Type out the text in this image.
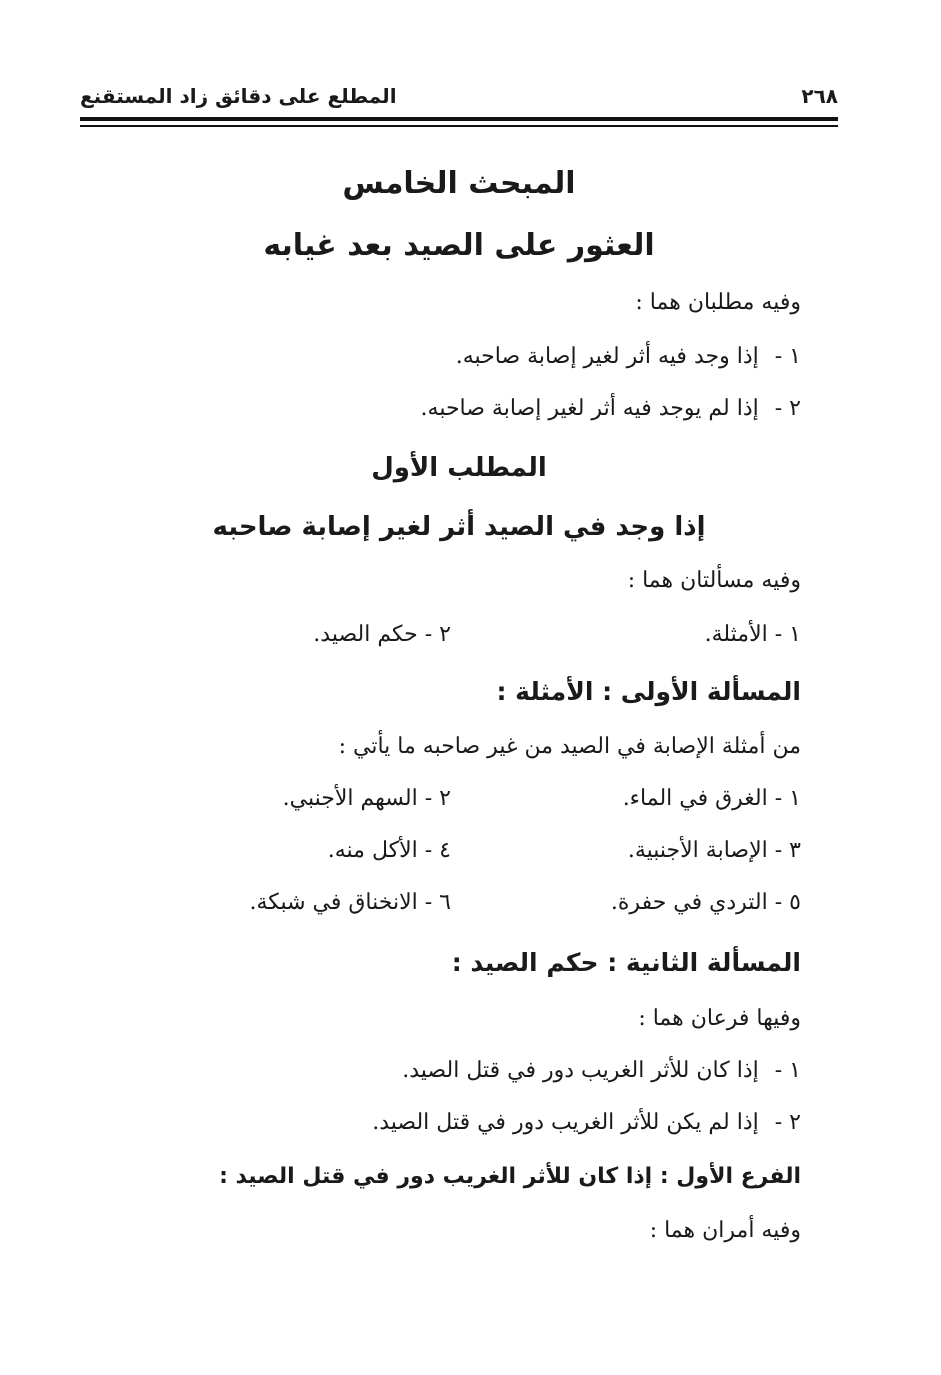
المطلع على دقائق زاد المستقنع	٢٦٨
المبحث الخامس
العثور على الصيد بعد غيابه
وفيه مطلبان هما :
١ -إذا وجد فيه أثر لغير إصابة صاحبه.
٢ -إذا لم يوجد فيه أثر لغير إصابة صاحبه.
المطلب الأول
إذا وجد في الصيد أثر لغير إصابة صاحبه
وفيه مسألتان هما :
١ - الأمثلة.
٢ - حكم الصيد.
المسألة الأولى : الأمثلة :
من أمثلة الإصابة في الصيد من غير صاحبه ما يأتي :
١ - الغرق في الماء.
٢ - السهم الأجنبي.
٣ - الإصابة الأجنبية.
٤ - الأكل منه.
٥ - التردي في حفرة.
٦ - الانخناق في شبكة.
المسألة الثانية : حكم الصيد :
وفيها فرعان هما :
١ -إذا كان للأثر الغريب دور في قتل الصيد.
٢ -إذا لم يكن للأثر الغريب دور في قتل الصيد.
الفرع الأول : إذا كان للأثر الغريب دور في قتل الصيد :
وفيه أمران هما :
